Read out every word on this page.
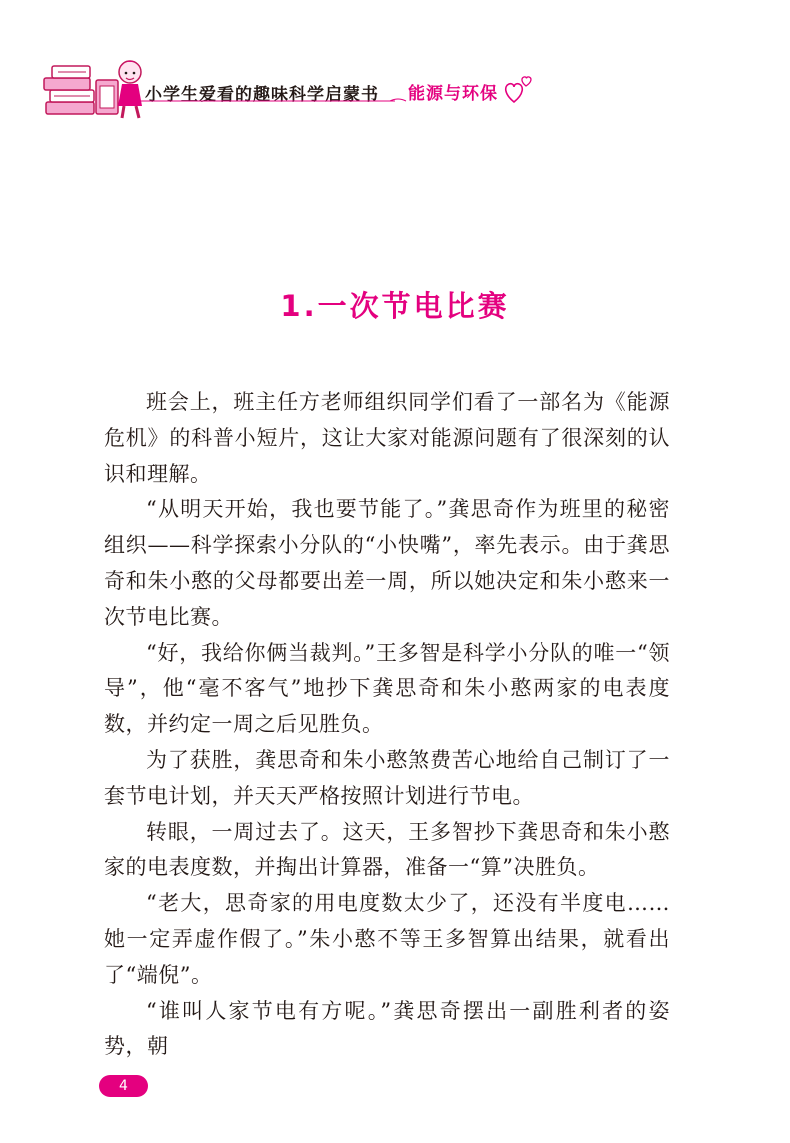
小学生爱看的趣味科学启蒙书 能源与环保
1.一次节电比赛

班会上，班主任方老师组织同学们看了一部名为《能源危机》的科普小短片，这让大家对能源问题有了很深刻的认识和理解。

“从明天开始，我也要节能了。”龚思奇作为班里的秘密组织——科学探索小分队的“小快嘴”，率先表示。由于龚思奇和朱小憨的父母都要出差一周，所以她决定和朱小憨来一次节电比赛。

“好，我给你俩当裁判。”王多智是科学小分队的唯一“领导”，他“毫不客气”地抄下龚思奇和朱小憨两家的电表度数，并约定一周之后见胜负。

为了获胜，龚思奇和朱小憨煞费苦心地给自己制订了一套节电计划，并天天严格按照计划进行节电。

转眼，一周过去了。这天，王多智抄下龚思奇和朱小憨家的电表度数，并掏出计算器，准备一“算”决胜负。

“老大，思奇家的用电度数太少了，还没有半度电……她一定弄虚作假了。”朱小憨不等王多智算出结果，就看出了“端倪”。

“谁叫人家节电有方呢。”龚思奇摆出一副胜利者的姿势，朝

4
